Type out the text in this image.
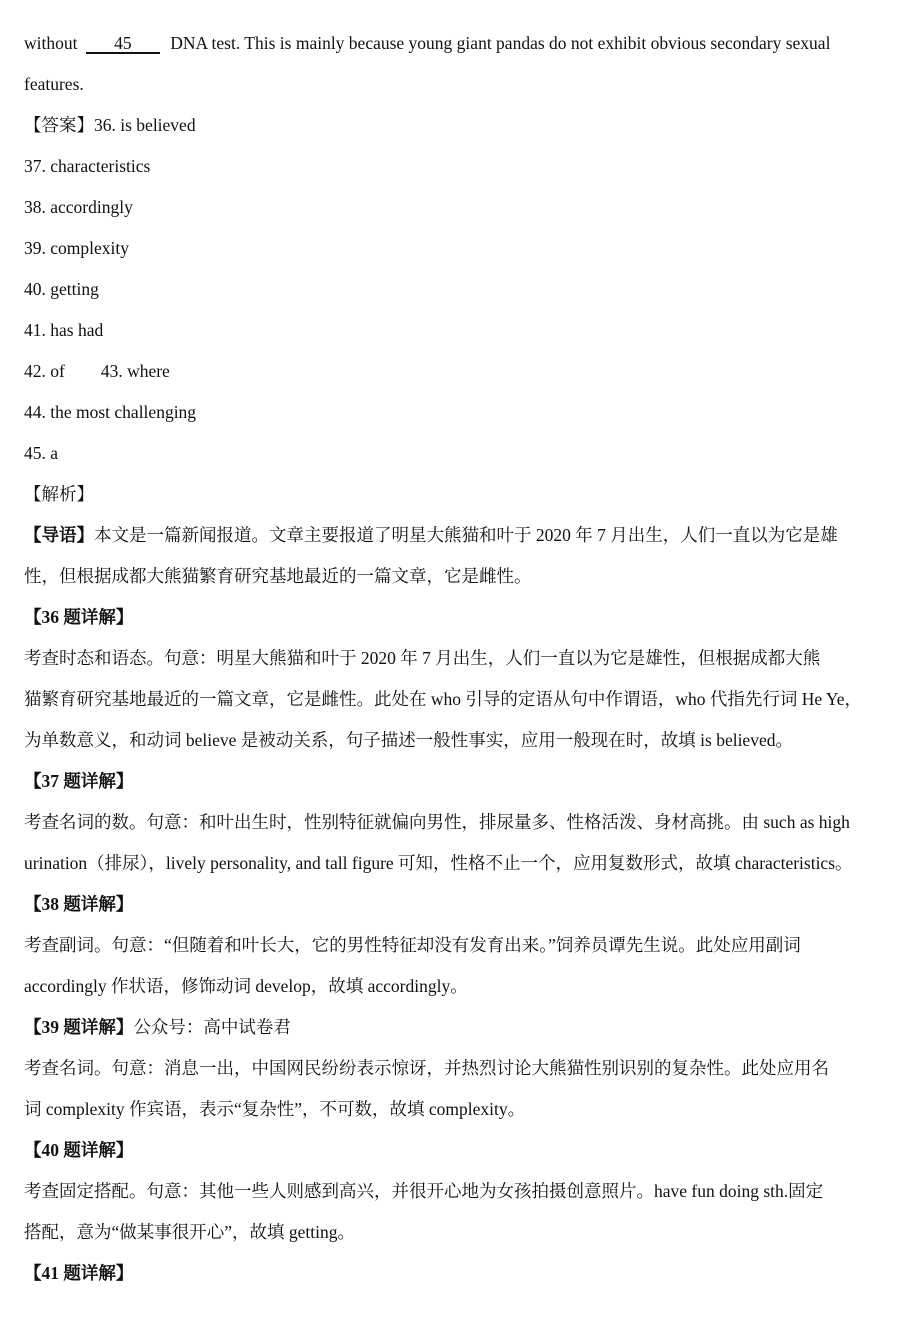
without 45 DNA test. This is mainly because young giant pandas do not exhibit obvious secondary sexual
features.
【答案】36. is believed
37. characteristics
38. accordingly
39. complexity
40. getting
41. has had
42. of 43. where
44. the most challenging
45. a
【解析】
【导语】本文是一篇新闻报道。文章主要报道了明星大熊猫和叶于 2020 年 7 月出生，人们一直以为它是雄
性，但根据成都大熊猫繁育研究基地最近的一篇文章，它是雌性。
【36 题详解】
考查时态和语态。句意：明星大熊猫和叶于 2020 年 7 月出生，人们一直以为它是雄性，但根据成都大熊
猫繁育研究基地最近的一篇文章，它是雌性。此处在 who 引导的定语从句中作谓语，who 代指先行词 He Ye，
为单数意义，和动词 believe 是被动关系，句子描述一般性事实，应用一般现在时，故填 is believed。
【37 题详解】
考查名词的数。句意：和叶出生时，性别特征就偏向男性，排尿量多、性格活泼、身材高挑。由 such as high
urination（排尿），lively personality, and tall figure 可知，性格不止一个，应用复数形式，故填 characteristics。
【38 题详解】
考查副词。句意：“但随着和叶长大，它的男性特征却没有发育出来。”饲养员谭先生说。此处应用副词
accordingly 作状语，修饰动词 develop，故填 accordingly。
【39 题详解】公众号：高中试卷君
考查名词。句意：消息一出，中国网民纷纷表示惊讶，并热烈讨论大熊猫性别识别的复杂性。此处应用名
词 complexity 作宾语，表示“复杂性”，不可数，故填 complexity。
【40 题详解】
考查固定搭配。句意：其他一些人则感到高兴，并很开心地为女孩拍摄创意照片。have fun doing sth.固定
搭配，意为“做某事很开心”，故填 getting。
【41 题详解】
